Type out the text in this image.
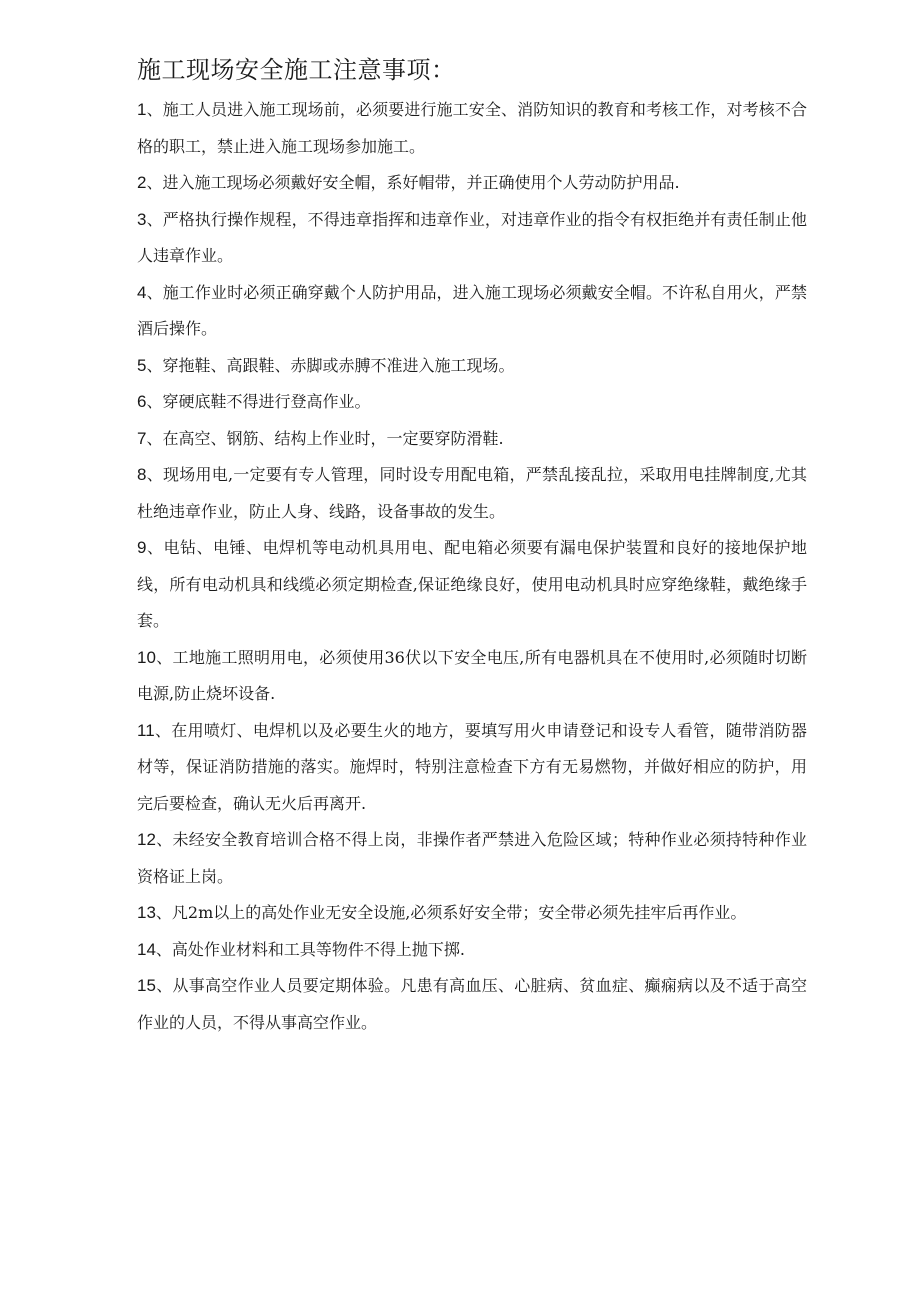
施工现场安全施工注意事项：
1、施工人员进入施工现场前，必须要进行施工安全、消防知识的教育和考核工作，对考核不合格的职工，禁止进入施工现场参加施工。
2、进入施工现场必须戴好安全帽，系好帽带，并正确使用个人劳动防护用品.
3、严格执行操作规程，不得违章指挥和违章作业，对违章作业的指令有权拒绝并有责任制止他人违章作业。
4、施工作业时必须正确穿戴个人防护用品，进入施工现场必须戴安全帽。不许私自用火，严禁酒后操作。
5、穿拖鞋、高跟鞋、赤脚或赤膊不准进入施工现场。
6、穿硬底鞋不得进行登高作业。
7、在高空、钢筋、结构上作业时，一定要穿防滑鞋.
8、现场用电,一定要有专人管理，同时设专用配电箱，严禁乱接乱拉，采取用电挂牌制度,尤其杜绝违章作业，防止人身、线路，设备事故的发生。
9、电钻、电锤、电焊机等电动机具用电、配电箱必须要有漏电保护装置和良好的接地保护地线，所有电动机具和线缆必须定期检查,保证绝缘良好，使用电动机具时应穿绝缘鞋，戴绝缘手套。
10、工地施工照明用电，必须使用36伏以下安全电压,所有电器机具在不使用时,必须随时切断电源,防止烧坏设备.
11、在用喷灯、电焊机以及必要生火的地方，要填写用火申请登记和设专人看管，随带消防器材等，保证消防措施的落实。施焊时，特别注意检查下方有无易燃物，并做好相应的防护，用完后要检查，确认无火后再离开.
12、未经安全教育培训合格不得上岗，非操作者严禁进入危险区域；特种作业必须持特种作业资格证上岗。
13、凡2m以上的高处作业无安全设施,必须系好安全带；安全带必须先挂牢后再作业。
14、高处作业材料和工具等物件不得上抛下掷.
15、从事高空作业人员要定期体验。凡患有高血压、心脏病、贫血症、癫痫病以及不适于高空作业的人员，不得从事高空作业。
